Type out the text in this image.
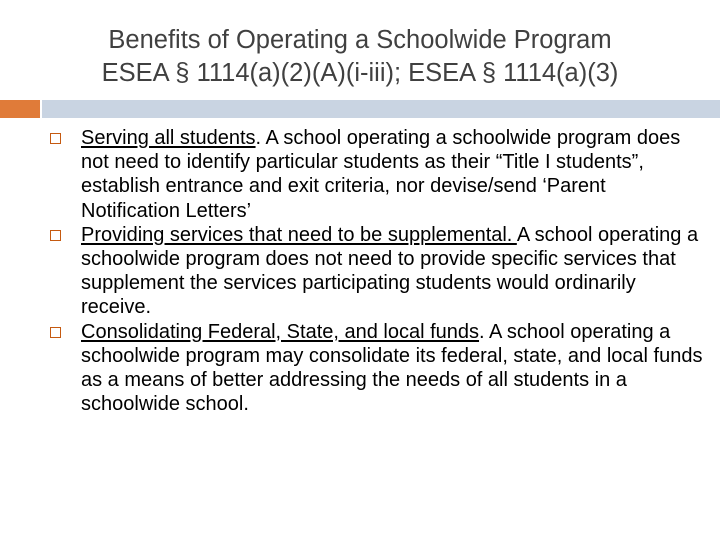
Benefits of Operating a Schoolwide Program
ESEA § 1114(a)(2)(A)(i-iii); ESEA § 1114(a)(3)
Serving all students. A school operating a schoolwide program does not need to identify particular students as their “Title I students”, establish entrance and exit criteria, nor devise/send ‘Parent Notification Letters’
Providing services that need to be supplemental. A school operating a schoolwide program does not need to provide specific services that supplement the services participating students would ordinarily receive.
Consolidating Federal, State, and local funds. A school operating a schoolwide program may consolidate its federal, state, and local funds as a means of better addressing the needs of all students in a schoolwide school.
